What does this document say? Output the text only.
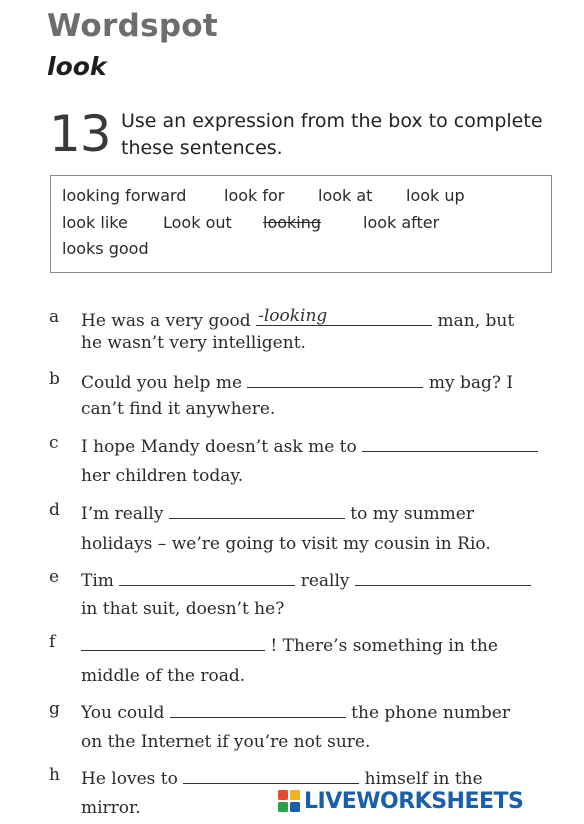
Wordspot
look
13 Use an expression from the box to complete
these sentences.
looking forward look for look at look up
look like Look out looking	look after
looks good
a He was a very good -looking	man, but
he wasn’t very intelligent.
b Could you help me	my bag? I
can’t find it anywhere.
c I hope Mandy doesn’t ask me to
her children today.
d I’m really	to my summer
holidays – we’re going to visit my cousin in Rio.
e Tim	really
in that suit, doesn’t he?
f	! There’s something in the
middle of the road.
g You could	the phone number
on the Internet if you’re not sure.
h He loves to	himself in the
mirror.	LIVEWORKSHEETS
